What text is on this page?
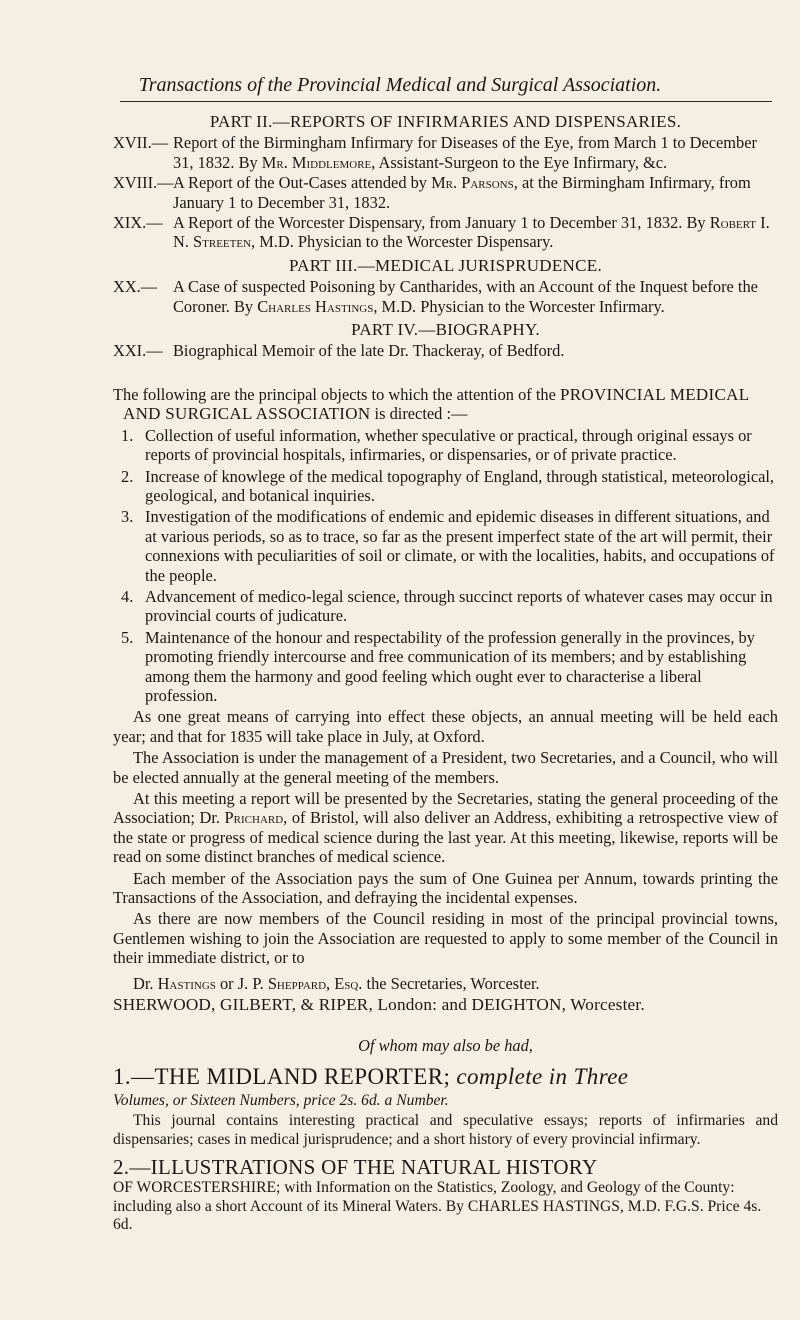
Transactions of the Provincial Medical and Surgical Association.
PART II.—REPORTS OF INFIRMARIES AND DISPENSARIES.
XVII.— Report of the Birmingham Infirmary for Diseases of the Eye, from March 1 to December 31, 1832. By Mr. Middlemore, Assistant-Surgeon to the Eye Infirmary, &c.
XVIII.— A Report of the Out-Cases attended by Mr. Parsons, at the Birmingham Infirmary, from January 1 to December 31, 1832.
XIX.— A Report of the Worcester Dispensary, from January 1 to December 31, 1832. By Robert I. N. Streeten, M.D. Physician to the Worcester Dispensary.
PART III.—MEDICAL JURISPRUDENCE.
XX.— A Case of suspected Poisoning by Cantharides, with an Account of the Inquest before the Coroner. By Charles Hastings, M.D. Physician to the Worcester Infirmary.
PART IV.—BIOGRAPHY.
XXI.— Biographical Memoir of the late Dr. Thackeray, of Bedford.
The following are the principal objects to which the attention of the PROVINCIAL MEDICAL AND SURGICAL ASSOCIATION is directed :—
1. Collection of useful information, whether speculative or practical, through original essays or reports of provincial hospitals, infirmaries, or dispensaries, or of private practice.
2. Increase of knowlege of the medical topography of England, through statistical, meteorological, geological, and botanical inquiries.
3. Investigation of the modifications of endemic and epidemic diseases in different situations, and at various periods, so as to trace, so far as the present imperfect state of the art will permit, their connexions with peculiarities of soil or climate, or with the localities, habits, and occupations of the people.
4. Advancement of medico-legal science, through succinct reports of whatever cases may occur in provincial courts of judicature.
5. Maintenance of the honour and respectability of the profession generally in the provinces, by promoting friendly intercourse and free communication of its members; and by establishing among them the harmony and good feeling which ought ever to characterise a liberal profession.

As one great means of carrying into effect these objects, an annual meeting will be held each year; and that for 1835 will take place in July, at Oxford.

The Association is under the management of a President, two Secretaries, and a Council, who will be elected annually at the general meeting of the members.

At this meeting a report will be presented by the Secretaries, stating the general proceeding of the Association; Dr. Prichard, of Bristol, will also deliver an Address, exhibiting a retrospective view of the state or progress of medical science during the last year. At this meeting, likewise, reports will be read on some distinct branches of medical science.

Each member of the Association pays the sum of One Guinea per Annum, towards printing the Transactions of the Association, and defraying the incidental expenses.

As there are now members of the Council residing in most of the principal provincial towns, Gentlemen wishing to join the Association are requested to apply to some member of the Council in their immediate district, or to

Dr. Hastings or J. P. Sheppard, Esq. the Secretaries, Worcester.

SHERWOOD, GILBERT, & RIPER, London: and DEIGHTON, Worcester.
Of whom may also be had,
1.—THE MIDLAND REPORTER; complete in Three
Volumes, or Sixteen Numbers, price 2s. 6d. a Number.

This journal contains interesting practical and speculative essays; reports of infirmaries and dispensaries; cases in medical jurisprudence; and a short history of every provincial infirmary.

2.—ILLUSTRATIONS OF THE NATURAL HISTORY
OF WORCESTERSHIRE; with Information on the Statistics, Zoology, and Geology of the County: including also a short Account of its Mineral Waters. By CHARLES HASTINGS, M.D. F.G.S. Price 4s. 6d.
